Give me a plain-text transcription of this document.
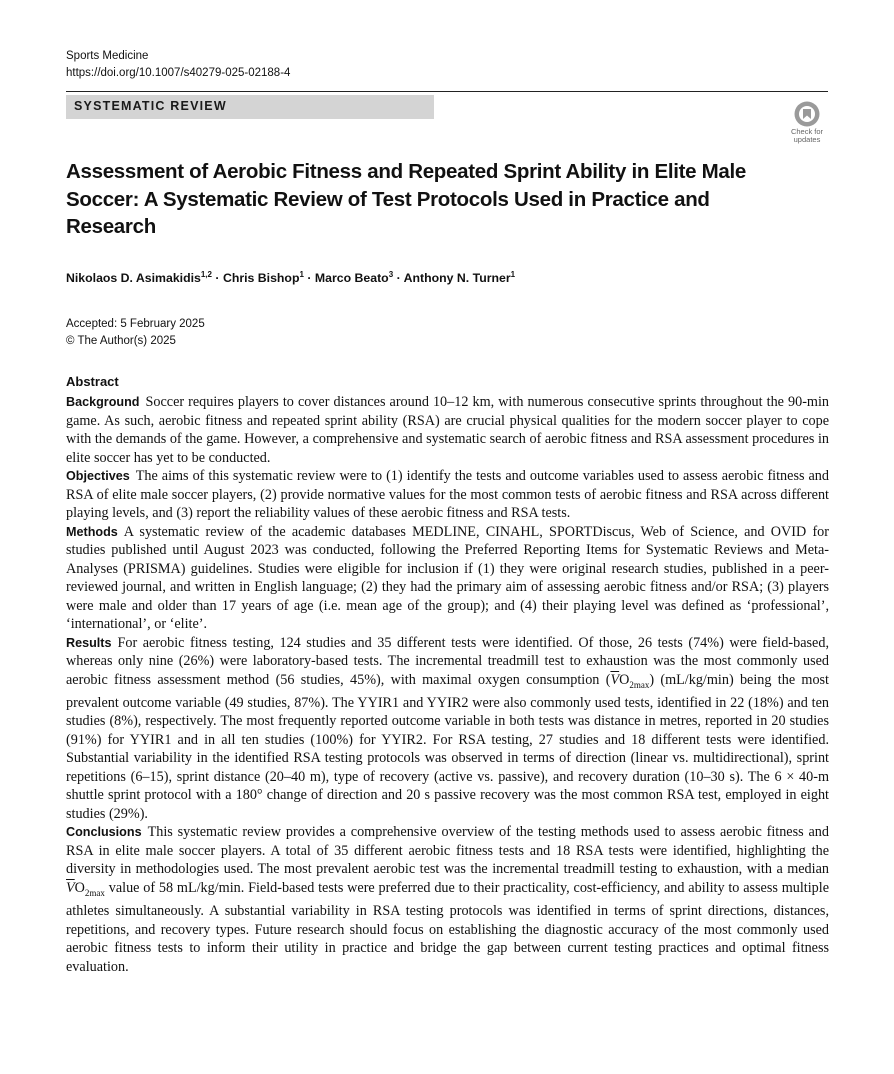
Sports Medicine
https://doi.org/10.1007/s40279-025-02188-4
SYSTEMATIC REVIEW
Check for
updates
Assessment of Aerobic Fitness and Repeated Sprint Ability in Elite Male Soccer: A Systematic Review of Test Protocols Used in Practice and Research
Nikolaos D. Asimakidis$^{1,2}$ · Chris Bishop$^1$ · Marco Beato$^3$ · Anthony N. Turner$^1$
Accepted: 5 February 2025
© The Author(s) 2025
Abstract

Background Soccer requires players to cover distances around 10–12 km, with numerous consecutive sprints throughout the 90-min game. As such, aerobic fitness and repeated sprint ability (RSA) are crucial physical qualities for the modern soccer player to cope with the demands of the game. However, a comprehensive and systematic search of aerobic fitness and RSA assessment procedures in elite soccer has yet to be conducted.

Objectives The aims of this systematic review were to (1) identify the tests and outcome variables used to assess aerobic fitness and RSA of elite male soccer players, (2) provide normative values for the most common tests of aerobic fitness and RSA across different playing levels, and (3) report the reliability values of these aerobic fitness and RSA tests.

Methods A systematic review of the academic databases MEDLINE, CINAHL, SPORTDiscus, Web of Science, and OVID for studies published until August 2023 was conducted, following the Preferred Reporting Items for Systematic Reviews and Meta-Analyses (PRISMA) guidelines. Studies were eligible for inclusion if (1) they were original research studies, published in a peer-reviewed journal, and written in English language; (2) they had the primary aim of assessing aerobic fitness and/or RSA; (3) players were male and older than 17 years of age (i.e. mean age of the group); and (4) their playing level was defined as ‘professional’, ‘international’, or ‘elite’.

Results For aerobic fitness testing, 124 studies and 35 different tests were identified. Of those, 26 tests (74%) were field-based, whereas only nine (26%) were laboratory-based tests. The incremental treadmill test to exhaustion was the most commonly used aerobic fitness assessment method (56 studies, 45%), with maximal oxygen consumption $(\overline{V}O_{2max})$ (mL/kg/min) being the most prevalent outcome variable (49 studies, 87%). The YYIR1 and YYIR2 were also commonly used tests, identified in 22 (18%) and ten studies (8%), respectively. The most frequently reported outcome variable in both tests was distance in metres, reported in 20 studies (91%) for YYIR1 and in all ten studies (100%) for YYIR2. For RSA testing, 27 studies and 18 different tests were identified. Substantial variability in the identified RSA testing protocols was observed in terms of direction (linear vs. multidirectional), sprint repetitions (6–15), sprint distance (20–40 m), type of recovery (active vs. passive), and recovery duration (10–30 s). The 6 × 40-m shuttle sprint protocol with a 180° change of direction and 20 s passive recovery was the most common RSA test, employed in eight studies (29%).

Conclusions This systematic review provides a comprehensive overview of the testing methods used to assess aerobic fitness and RSA in elite male soccer players. A total of 35 different aerobic fitness tests and 18 RSA tests were identified, highlighting the diversity in methodologies used. The most prevalent aerobic test was the incremental treadmill testing to exhaustion, with a median $\overline{V}O_{2max}$ value of 58 mL/kg/min. Field-based tests were preferred due to their practicality, cost-efficiency, and ability to assess multiple athletes simultaneously. A substantial variability in RSA testing protocols was identified in terms of sprint directions, distances, repetitions, and recovery types. Future research should focus on establishing the diagnostic accuracy of the most commonly used aerobic fitness tests to inform their utility in practice and bridge the gap between current testing practices and optimal fitness evaluation.
